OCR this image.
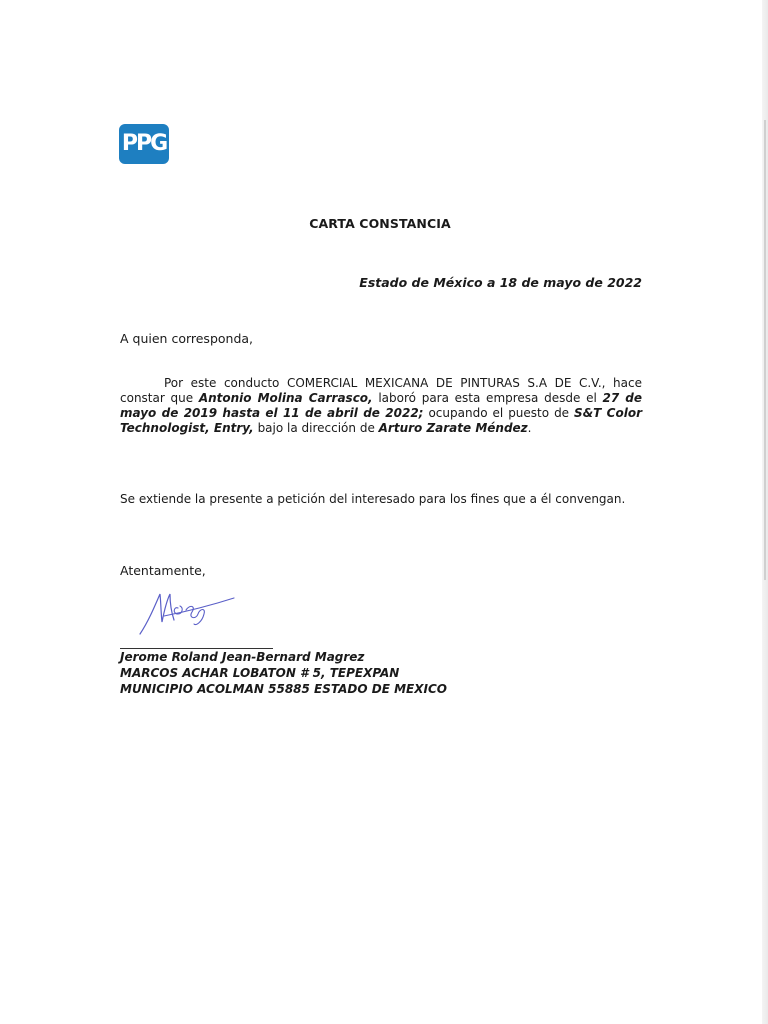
PPG
CARTA CONSTANCIA
Estado de México a 18 de mayo de 2022
A quien corresponda,
Por este conducto COMERCIAL MEXICANA DE PINTURAS S.A DE C.V., hace constar que Antonio Molina Carrasco, laboró para esta empresa desde el 27 de mayo de 2019 hasta el 11 de abril de 2022; ocupando el puesto de S&T Color Technologist, Entry, bajo la dirección de Arturo Zarate Méndez.
Se extiende la presente a petición del interesado para los fines que a él convengan.
Atentamente,
Jerome Roland Jean-Bernard Magrez
MARCOS ACHAR LOBATON # 5, TEPEXPAN
MUNICIPIO ACOLMAN 55885 ESTADO DE MEXICO
